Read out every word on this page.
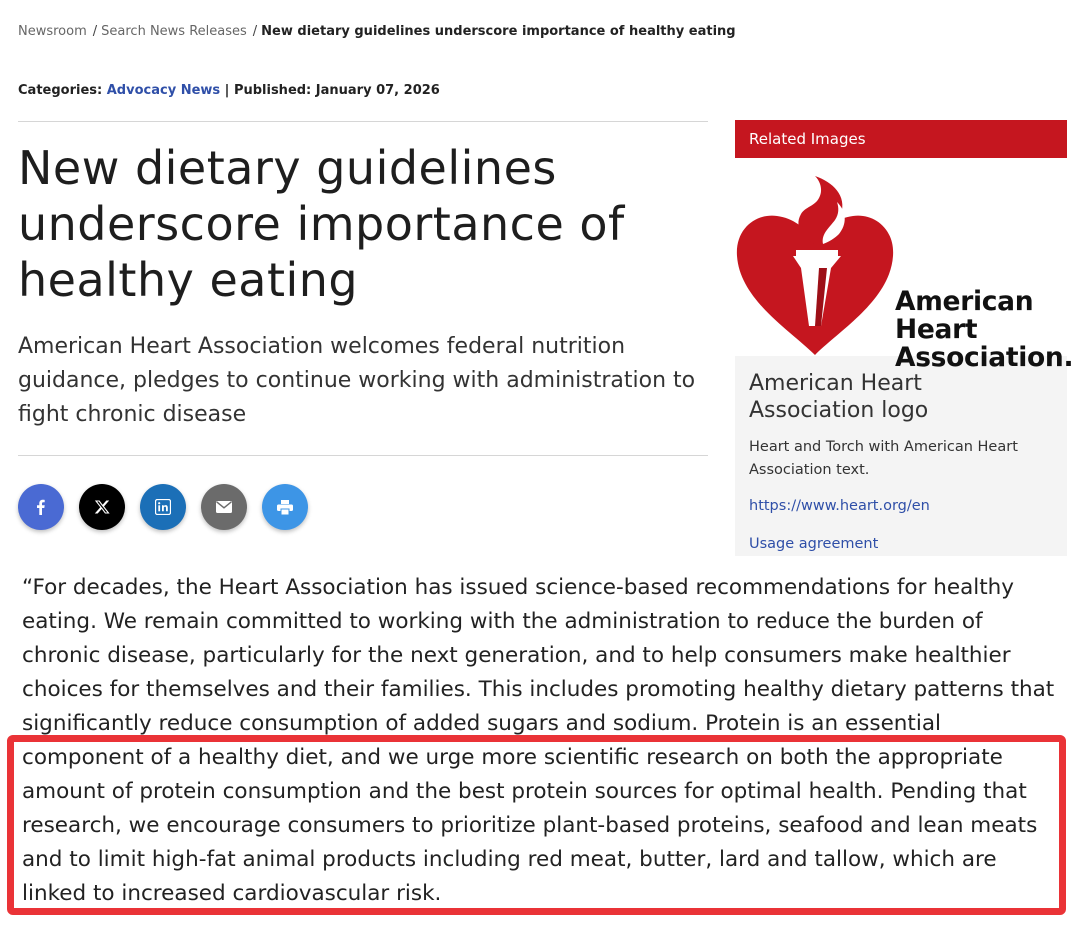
Newsroom / Search News Releases / New dietary guidelines underscore importance of healthy eating
Categories: Advocacy News | Published: January 07, 2026
New dietary guidelines underscore importance of healthy eating

American Heart Association welcomes federal nutrition guidance, pledges to continue working with administration to fight chronic disease

“For decades, the Heart Association has issued science-based recommendations for healthy eating. We remain committed to working with the administration to reduce the burden of chronic disease, particularly for the next generation, and to help consumers make healthier choices for themselves and their families. This includes promoting healthy dietary patterns that significantly reduce consumption of added sugars and sodium. Protein is an essential component of a healthy diet, and we urge more scientific research on both the appropriate amount of protein consumption and the best protein sources for optimal health. Pending that research, we encourage consumers to prioritize plant-based proteins, seafood and lean meats and to limit high-fat animal products including red meat, butter, lard and tallow, which are linked to increased cardiovascular risk.

Related Images
American
Heart
Association.

American Heart Association logo

Heart and Torch with American Heart Association text.

https://www.heart.org/en
Usage agreement
